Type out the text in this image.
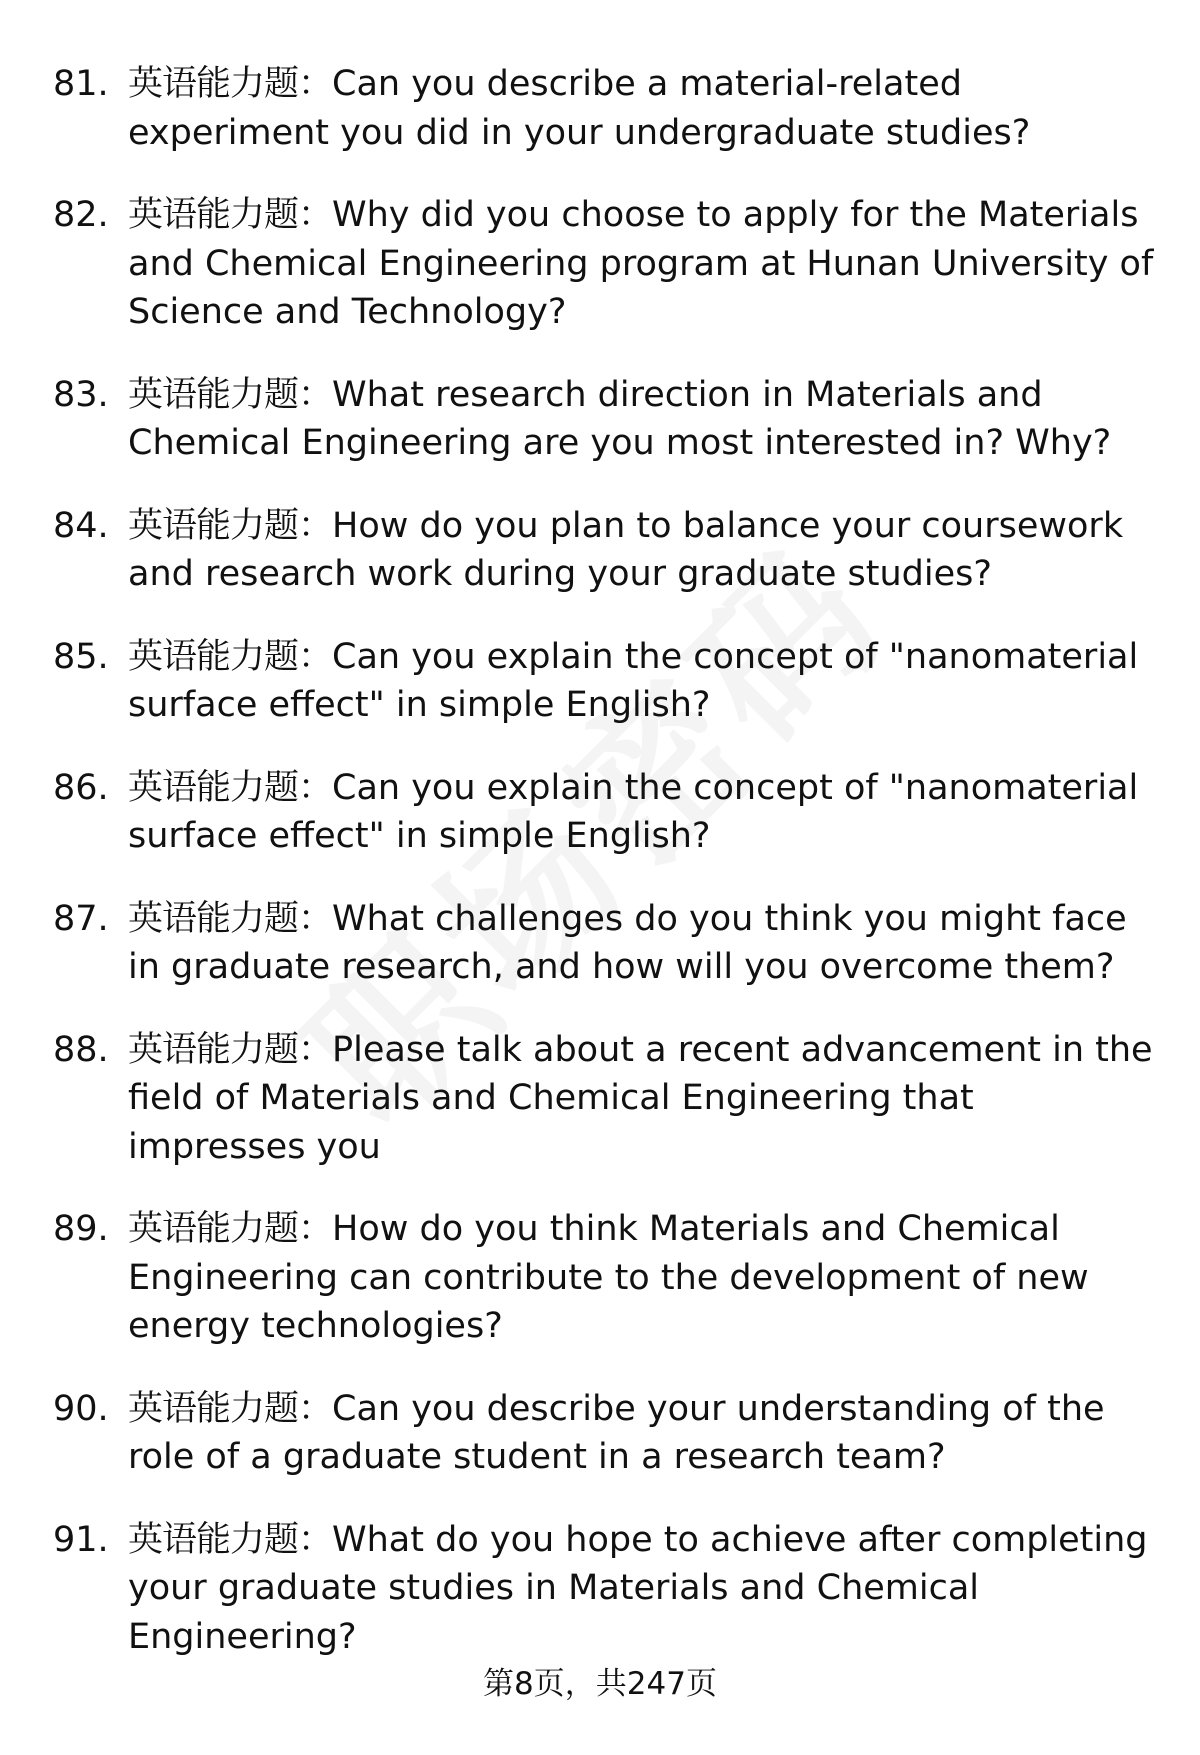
81. 英语能力题：Can you describe a material-related experiment you did in your undergraduate studies?
82. 英语能力题：Why did you choose to apply for the Materials and Chemical Engineering program at Hunan University of Science and Technology?
83. 英语能力题：What research direction in Materials and Chemical Engineering are you most interested in? Why?
84. 英语能力题：How do you plan to balance your coursework and research work during your graduate studies?
85. 英语能力题：Can you explain the concept of "nanomaterial surface effect" in simple English?
86. 英语能力题：Can you explain the concept of "nanomaterial surface effect" in simple English?
87. 英语能力题：What challenges do you think you might face in graduate research, and how will you overcome them?
88. 英语能力题：Please talk about a recent advancement in the field of Materials and Chemical Engineering that impresses you
89. 英语能力题：How do you think Materials and Chemical Engineering can contribute to the development of new energy technologies?
90. 英语能力题：Can you describe your understanding of the role of a graduate student in a research team?
91. 英语能力题：What do you hope to achieve after completing your graduate studies in Materials and Chemical Engineering?
第8页，共247页
